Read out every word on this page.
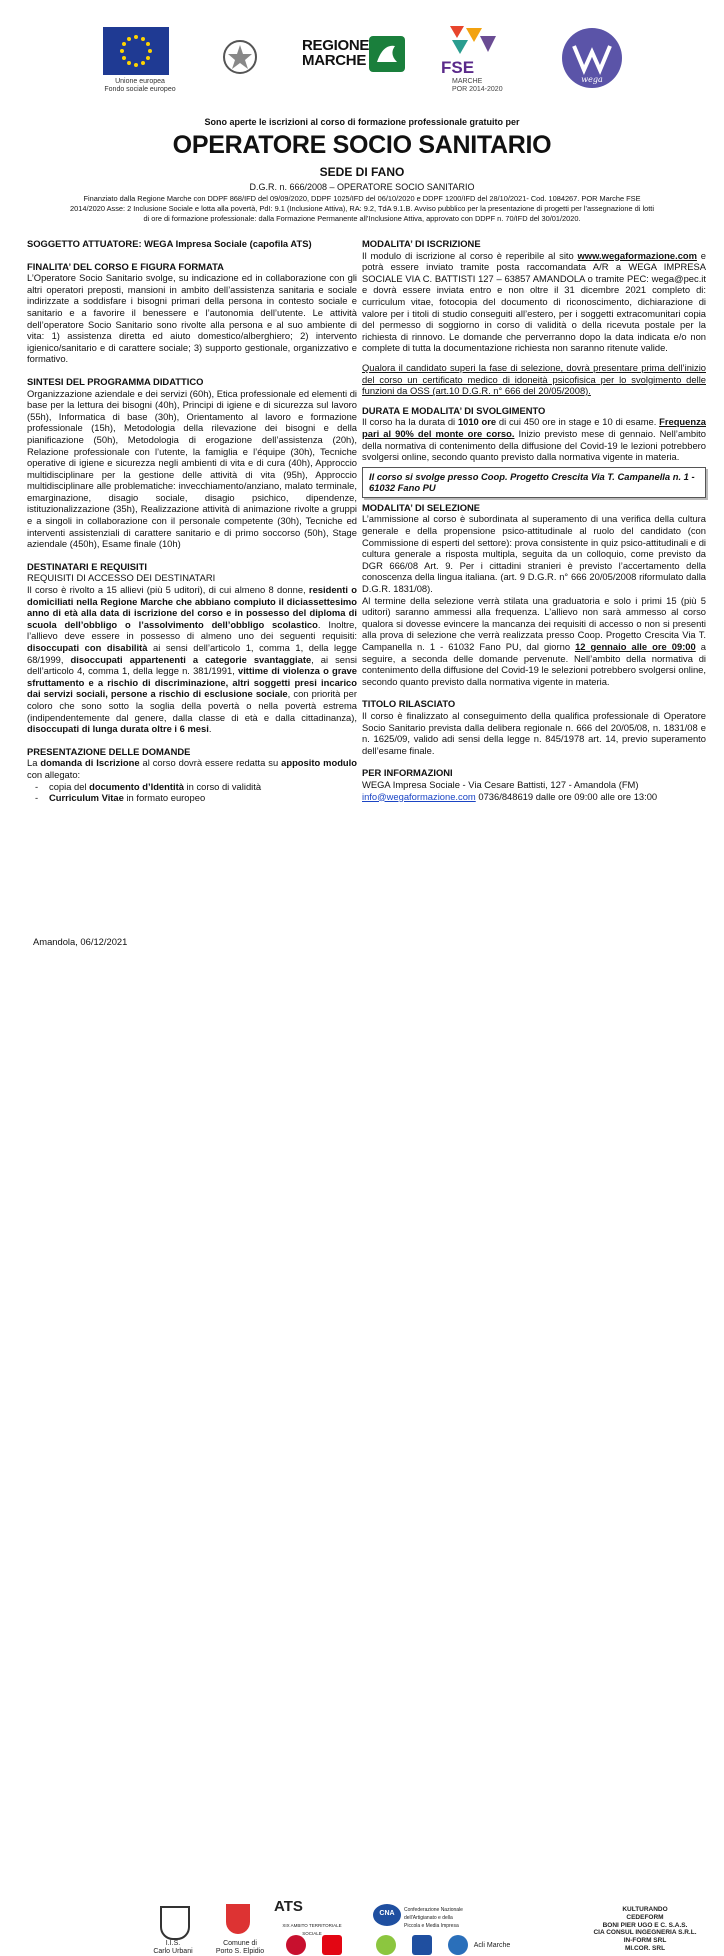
Unione europea
Fondo sociale europeo
REGIONE
MARCHE	FSE
MARCHE
POR 2014-2020
wega
Sono aperte le iscrizioni al corso di formazione professionale gratuito per
OPERATORE SOCIO SANITARIO
SEDE DI FANO
D.G.R. n. 666/2008 – OPERATORE SOCIO SANITARIO
Finanziato dalla Regione Marche con DDPF 868/IFD del 09/09/2020, DDPF 1025/IFD del 06/10/2020 e DDPF 1200/IFD del 28/10/2021- Cod. 1084267. POR Marche FSE 2014/2020 Asse: 2 Inclusione Sociale e lotta alla povertà, PdI: 9.1 (Inclusione Attiva), RA: 9.2, TdA 9.1.B. Avviso pubblico per la presentazione di progetti per l’assegnazione di lotti di ore di formazione professionale: dalla Formazione Permanente all’Inclusione Attiva, approvato con DDPF n. 70/IFD del 30/01/2020.

SOGGETTO ATTUATORE: WEGA Impresa Sociale (capofila ATS)

FINALITA’ DEL CORSO E FIGURA FORMATA

L’Operatore Socio Sanitario svolge, su indicazione ed in collaborazione con gli altri operatori preposti, mansioni in ambito dell’assistenza sanitaria e sociale indirizzate a soddisfare i bisogni primari della persona in contesto sociale e sanitario e a favorire il benessere e l’autonomia dell’utente. Le attività dell’operatore Socio Sanitario sono rivolte alla persona e al suo ambiente di vita: 1) assistenza diretta ed aiuto domestico/alberghiero; 2) intervento igienico/sanitario e di carattere sociale; 3) supporto gestionale, organizzativo e formativo.

SINTESI DEL PROGRAMMA DIDATTICO

Organizzazione aziendale e dei servizi (60h), Etica professionale ed elementi di base per la lettura dei bisogni (40h), Principi di igiene e di sicurezza sul lavoro (55h), Informatica di base (30h), Orientamento al lavoro e formazione professionale (15h), Metodologia della rilevazione dei bisogni e della pianificazione (50h), Metodologia di erogazione dell’assistenza (20h), Relazione professionale con l’utente, la famiglia e l’équipe (30h), Tecniche operative di igiene e sicurezza negli ambienti di vita e di cura (40h), Approccio multidisciplinare per la gestione delle attività di vita (95h), Approccio multidisciplinare alle problematiche: invecchiamento/anziano, malato terminale, emarginazione, disagio sociale, disagio psichico, dipendenze, istituzionalizzazione (35h), Realizzazione attività di animazione rivolte a gruppi e a singoli in collaborazione con il personale competente (30h), Tecniche ed interventi assistenziali di carattere sanitario e di primo soccorso (50h), Stage aziendale (450h), Esame finale (10h)

DESTINATARI E REQUISITI

REQUISITI DI ACCESSO DEI DESTINATARI

Il corso è rivolto a 15 allievi (più 5 uditori), di cui almeno 8 donne, residenti o domiciliati nella Regione Marche che abbiano compiuto il diciassettesimo anno di età alla data di iscrizione del corso e in possesso del diploma di scuola dell’obbligo o l’assolvimento dell’obbligo scolastico. Inoltre, l’allievo deve essere in possesso di almeno uno dei seguenti requisiti: disoccupati con disabilità ai sensi dell’articolo 1, comma 1, della legge 68/1999, disoccupati appartenenti a categorie svantaggiate, ai sensi dell’articolo 4, comma 1, della legge n. 381/1991, vittime di violenza o grave sfruttamento e a rischio di discriminazione, altri soggetti presi incarico dai servizi sociali, persone a rischio di esclusione sociale, con priorità per coloro che sono sotto la soglia della povertà o nella povertà estrema (indipendentemente dal genere, dalla classe di età e dalla cittadinanza), disoccupati di lunga durata oltre i 6 mesi.

PRESENTAZIONE DELLE DOMANDE

La domanda di Iscrizione al corso dovrà essere redatta su apposito modulo con allegato:

- copia del documento d’Identità in corso di validità
- Curriculum Vitae in formato europeo
Amandola, 06/12/2021

MODALITA’ DI ISCRIZIONE

Il modulo di iscrizione al corso è reperibile al sito www.wegaformazione.com e potrà essere inviato tramite posta raccomandata A/R a WEGA IMPRESA SOCIALE VIA C. BATTISTI 127 – 63857 AMANDOLA o tramite PEC: wega@pec.it e dovrà essere inviata entro e non oltre il 31 dicembre 2021 completo di: curriculum vitae, fotocopia del documento di riconoscimento, dichiarazione di valore per i titoli di studio conseguiti all’estero, per i soggetti extracomunitari copia del permesso di soggiorno in corso di validità o della ricevuta postale per la richiesta di rinnovo. Le domande che perverranno dopo la data indicata e/o non complete di tutta la documentazione richiesta non saranno ritenute valide.

Qualora il candidato superi la fase di selezione, dovrà presentare prima dell’inizio del corso un certificato medico di idoneità psicofisica per lo svolgimento delle funzioni da OSS (art.10 D.G.R. n° 666 del 20/05/2008).

DURATA E MODALITA’ DI SVOLGIMENTO

Il corso ha la durata di 1010 ore di cui 450 ore in stage e 10 di esame. Frequenza pari al 90% del monte ore corso. Inizio previsto mese di gennaio. Nell’ambito della normativa di contenimento della diffusione del Covid-19 le lezioni potrebbero svolgersi online, secondo quanto previsto dalla normativa vigente in materia.

Il corso si svolge presso Coop. Progetto Crescita Via T. Campanella n. 1 - 61032 Fano PU

MODALITA’ DI SELEZIONE

L’ammissione al corso è subordinata al superamento di una verifica della cultura generale e della propensione psico-attitudinale al ruolo del candidato (con Commissione di esperti del settore): prova consistente in quiz psico-attitudinali e di cultura generale a risposta multipla, seguita da un colloquio, come previsto da DGR 666/08 Art. 9. Per i cittadini stranieri è previsto l’accertamento della conoscenza della lingua italiana. (art. 9 D.G.R. n° 666 20/05/2008 riformulato dalla D.G.R. 1831/08).

Al termine della selezione verrà stilata una graduatoria e solo i primi 15 (più 5 uditori) saranno ammessi alla frequenza. L’allievo non sarà ammesso al corso qualora si dovesse evincere la mancanza dei requisiti di accesso o non si presenti alla prova di selezione che verrà realizzata presso Coop. Progetto Crescita Via T. Campanella n. 1 - 61032 Fano PU, dal giorno 12 gennaio alle ore 09:00 a seguire, a seconda delle domande pervenute. Nell’ambito della normativa di contenimento della diffusione del Covid-19 le selezioni potrebbero svolgersi online, secondo quanto previsto dalla normativa vigente in materia.

TITOLO RILASCIATO

Il corso è finalizzato al conseguimento della qualifica professionale di Operatore Socio Sanitario prevista dalla delibera regionale n. 666 del 20/05/08, n. 1831/08 e n. 1625/09, valido adi sensi della legge n. 845/1978 art. 14, previo superamento dell’esame finale.

PER INFORMAZIONI

WEGA Impresa Sociale - Via Cesare Battisti, 127 - Amandola (FM)

info@wegaformazione.com 0736/848619 dalle ore 09:00 alle ore 13:00

I.I.S.
Carlo Urbani
Comune di
Porto S. Elpidio
ATS
XIX AMBITO TERRITORIALE SOCIALE
CNA	Confederazione Nazionale dell'Artigianato e della Piccola e Media Impresa
Acli Marche
KULTURANDO
CEDEFORM
BONI PIER UGO E C. S.A.S.
CIA CONSUL INGEGNERIA S.R.L.
IN-FORM SRL
MI.COR. SRL
